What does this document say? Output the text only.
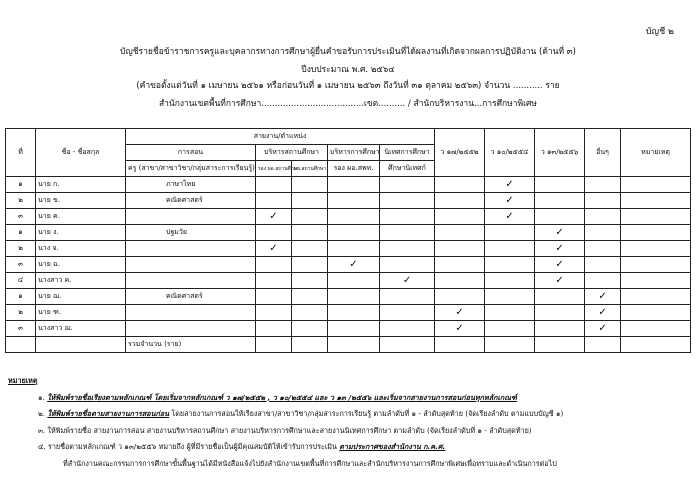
บัญชี ๒
บัญชีรายชื่อข้าราชการครูและบุคลากรทางการศึกษาผู้ยื่นคำขอรับการประเมินที่ได้ผลงานที่เกิดจากผลการปฏิบัติงาน (ด้านที่ ๓)
ปีงบประมาณ พ.ศ. ๒๕๖๔
(คำขอตั้งแต่วันที่ ๑ เมษายน ๒๕๖๑ หรือก่อนวันที่ ๑ เมษายน ๒๕๖๓ ถึงวันที่ ๓๑ ตุลาคม ๒๕๖๓) จำนวน ........... ราย
สำนักงานเขตพื้นที่การศึกษา......................................เขต.......... / สำนักบริหารงาน...การศึกษาพิเศษ
ที่	ชื่อ - ชื่อสกุล	สายงาน/ตำแหน่ง					ว ๑๗/๒๕๕๒	ว ๑๐/๒๕๕๔	ว ๑๓/๒๕๕๖	อื่นๆ	หมายเหตุ
		การสอน	บริหารสถานศึกษา		บริหารการศึกษา	นิเทศการศึกษา					
		ครู (สาขา/สาขาวิชา/กลุ่มสาระการเรียนรู้)	รอง ผอ.สถานศึกษา	ผอ.สถานศึกษา	รอง ผอ.สพท.	ศึกษานิเทศก์					
๑	นาย ก.	ภาษาไทย						✓			
๒	นาย ข.	คณิตศาสตร์						✓			
๓	นาย ค.		✓					✓			
๑	นาย ง.	ปฐมวัย							✓		
๒	นาง จ.		✓						✓		
๓	นาย ฉ.				✓				✓		
๔	นางสาว ค.					✓			✓		
๑	นาย ฌ.	คณิตศาสตร์								✓	
๒	นาย ฑ.						✓			✓	
๓	นางสาว ฌ.						✓			✓	
		รวมจำนวน (ราย)									
หมายเหตุ
๑. ให้พิมพ์รายชื่อเรียงตามหลักเกณฑ์ โดยเริ่มจากหลักเกณฑ์ ว ๑๗/๒๕๕๒ , ว ๑๐/๒๕๕๔ และ ว ๑๓ /๒๕๕๖ และเริ่มจากสายงานการสอนก่อนทุกหลักเกณฑ์
๒. ให้พิมพ์รายชื่อตามสายงานการสอนก่อน โดยสายงานการสอนให้เรียงสาขา/สาขาวิชา/กลุ่มสาระการเรียนรู้ ตามลำดับที่ ๑ - ลำดับสุดท้าย (จัดเรียงลำดับ ตามแบบบัญชี ๑)
๓. ให้พิมพ์รายชื่อ สายงานการสอน สายงานบริหารสถานศึกษา สายงานบริหารการศึกษาและสายงานนิเทศการศึกษา ตามลำดับ (จัดเรียงลำดับที่ ๑ - ลำดับสุดท้าย)
๔. รายชื่อตามหลักเกณฑ์ ว ๑๓/๒๕๕๖ หมายถึง ผู้ที่มีรายชื่อเป็นผู้มีคุณสมบัติให้เข้ารับการประเมิน ตามประกาศของสำนักงาน ก.ค.ศ.
ที่สำนักงานคณะกรรมการการศึกษาขั้นพื้นฐานได้มีหนังสือแจ้งไปยังสำนักงานเขตพื้นที่การศึกษาและสำนักบริหารงานการศึกษาพิเศษเพื่อทราบและดำเนินการต่อไป
